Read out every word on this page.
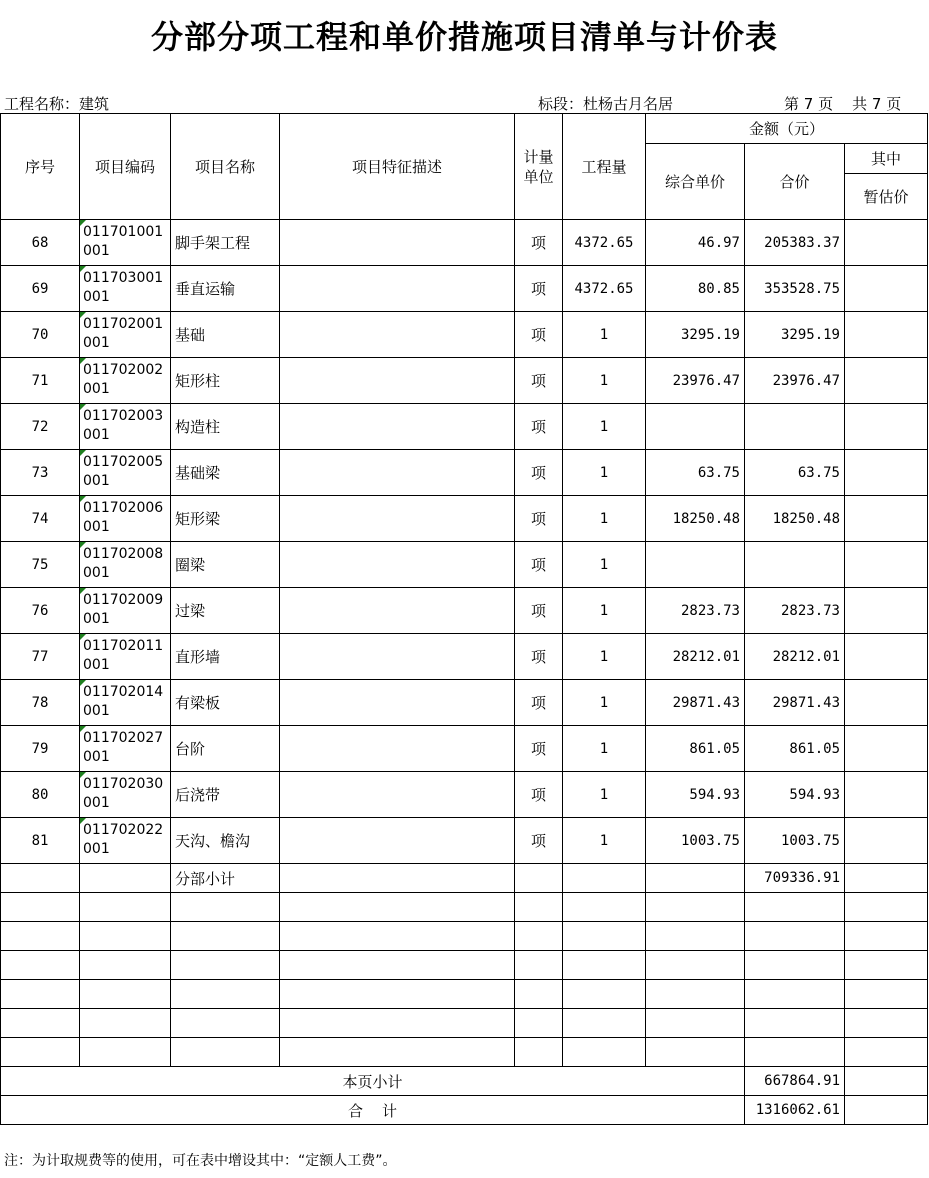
分部分项工程和单价措施项目清单与计价表
工程名称：建筑	标段：杜杨古月名居	第 7 页    共 7 页
序号	项目编码	项目名称	项目特征描述	计量单位	工程量	金额（元）		
						综合单价	合价	其中
								暂估价
68	011701001001	脚手架工程		项	4372.65	46.97	205383.37	
69	011703001001	垂直运输		项	4372.65	80.85	353528.75	
70	011702001001	基础		项	1	3295.19	3295.19	
71	011702002001	矩形柱		项	1	23976.47	23976.47	
72	011702003001	构造柱		项	1			
73	011702005001	基础梁		项	1	63.75	63.75	
74	011702006001	矩形梁		项	1	18250.48	18250.48	
75	011702008001	圈梁		项	1			
76	011702009001	过梁		项	1	2823.73	2823.73	
77	011702011001	直形墙		项	1	28212.01	28212.01	
78	011702014001	有梁板		项	1	29871.43	29871.43	
79	011702027001	台阶		项	1	861.05	861.05	
80	011702030001	后浇带		项	1	594.93	594.93	
81	011702022001	天沟、檐沟		项	1	1003.75	1003.75	
		分部小计					709336.91	

本页小计							667864.91	
合    计							1316062.61	
注：为计取规费等的使用，可在表中增设其中：“定额人工费”。
